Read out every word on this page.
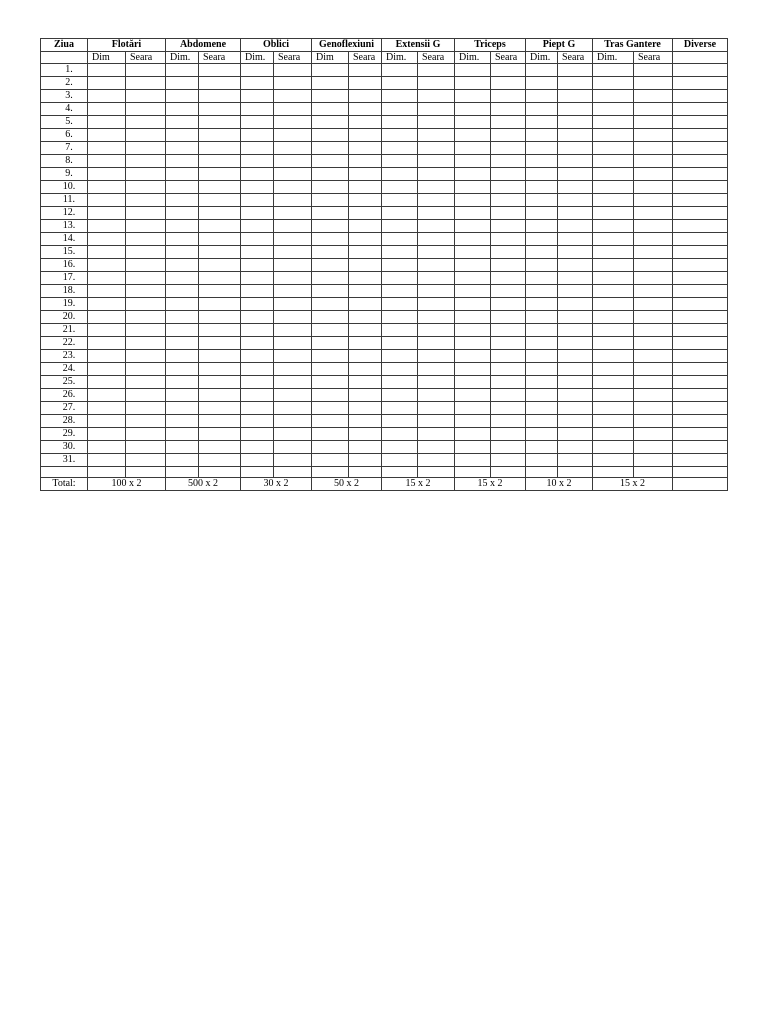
Ziua	Flotări		Abdomene		Oblici		Genoflexiuni		Extensii G		Triceps		Piept G		Tras Gantere		Diverse
	Dim	Seara	Dim.	Seara	Dim.	Seara	Dim	Seara	Dim.	Seara	Dim.	Seara	Dim.	Seara	Dim.	Seara	
1.																	
2.																	
3.																	
4.																	
5.																	
6.																	
7.																	
8.																	
9.																	
10.																	
11.																	
12.																	
13.																	
14.																	
15.																	
16.																	
17.																	
18.																	
19.																	
20.																	
21.																	
22.																	
23.																	
24.																	
25.																	
26.																	
27.																	
28.																	
29.																	
30.																	
31.																	

Total:	100 x 2		500 x 2		30 x 2		50 x 2		15 x 2		15 x 2		10 x 2		15 x 2		
